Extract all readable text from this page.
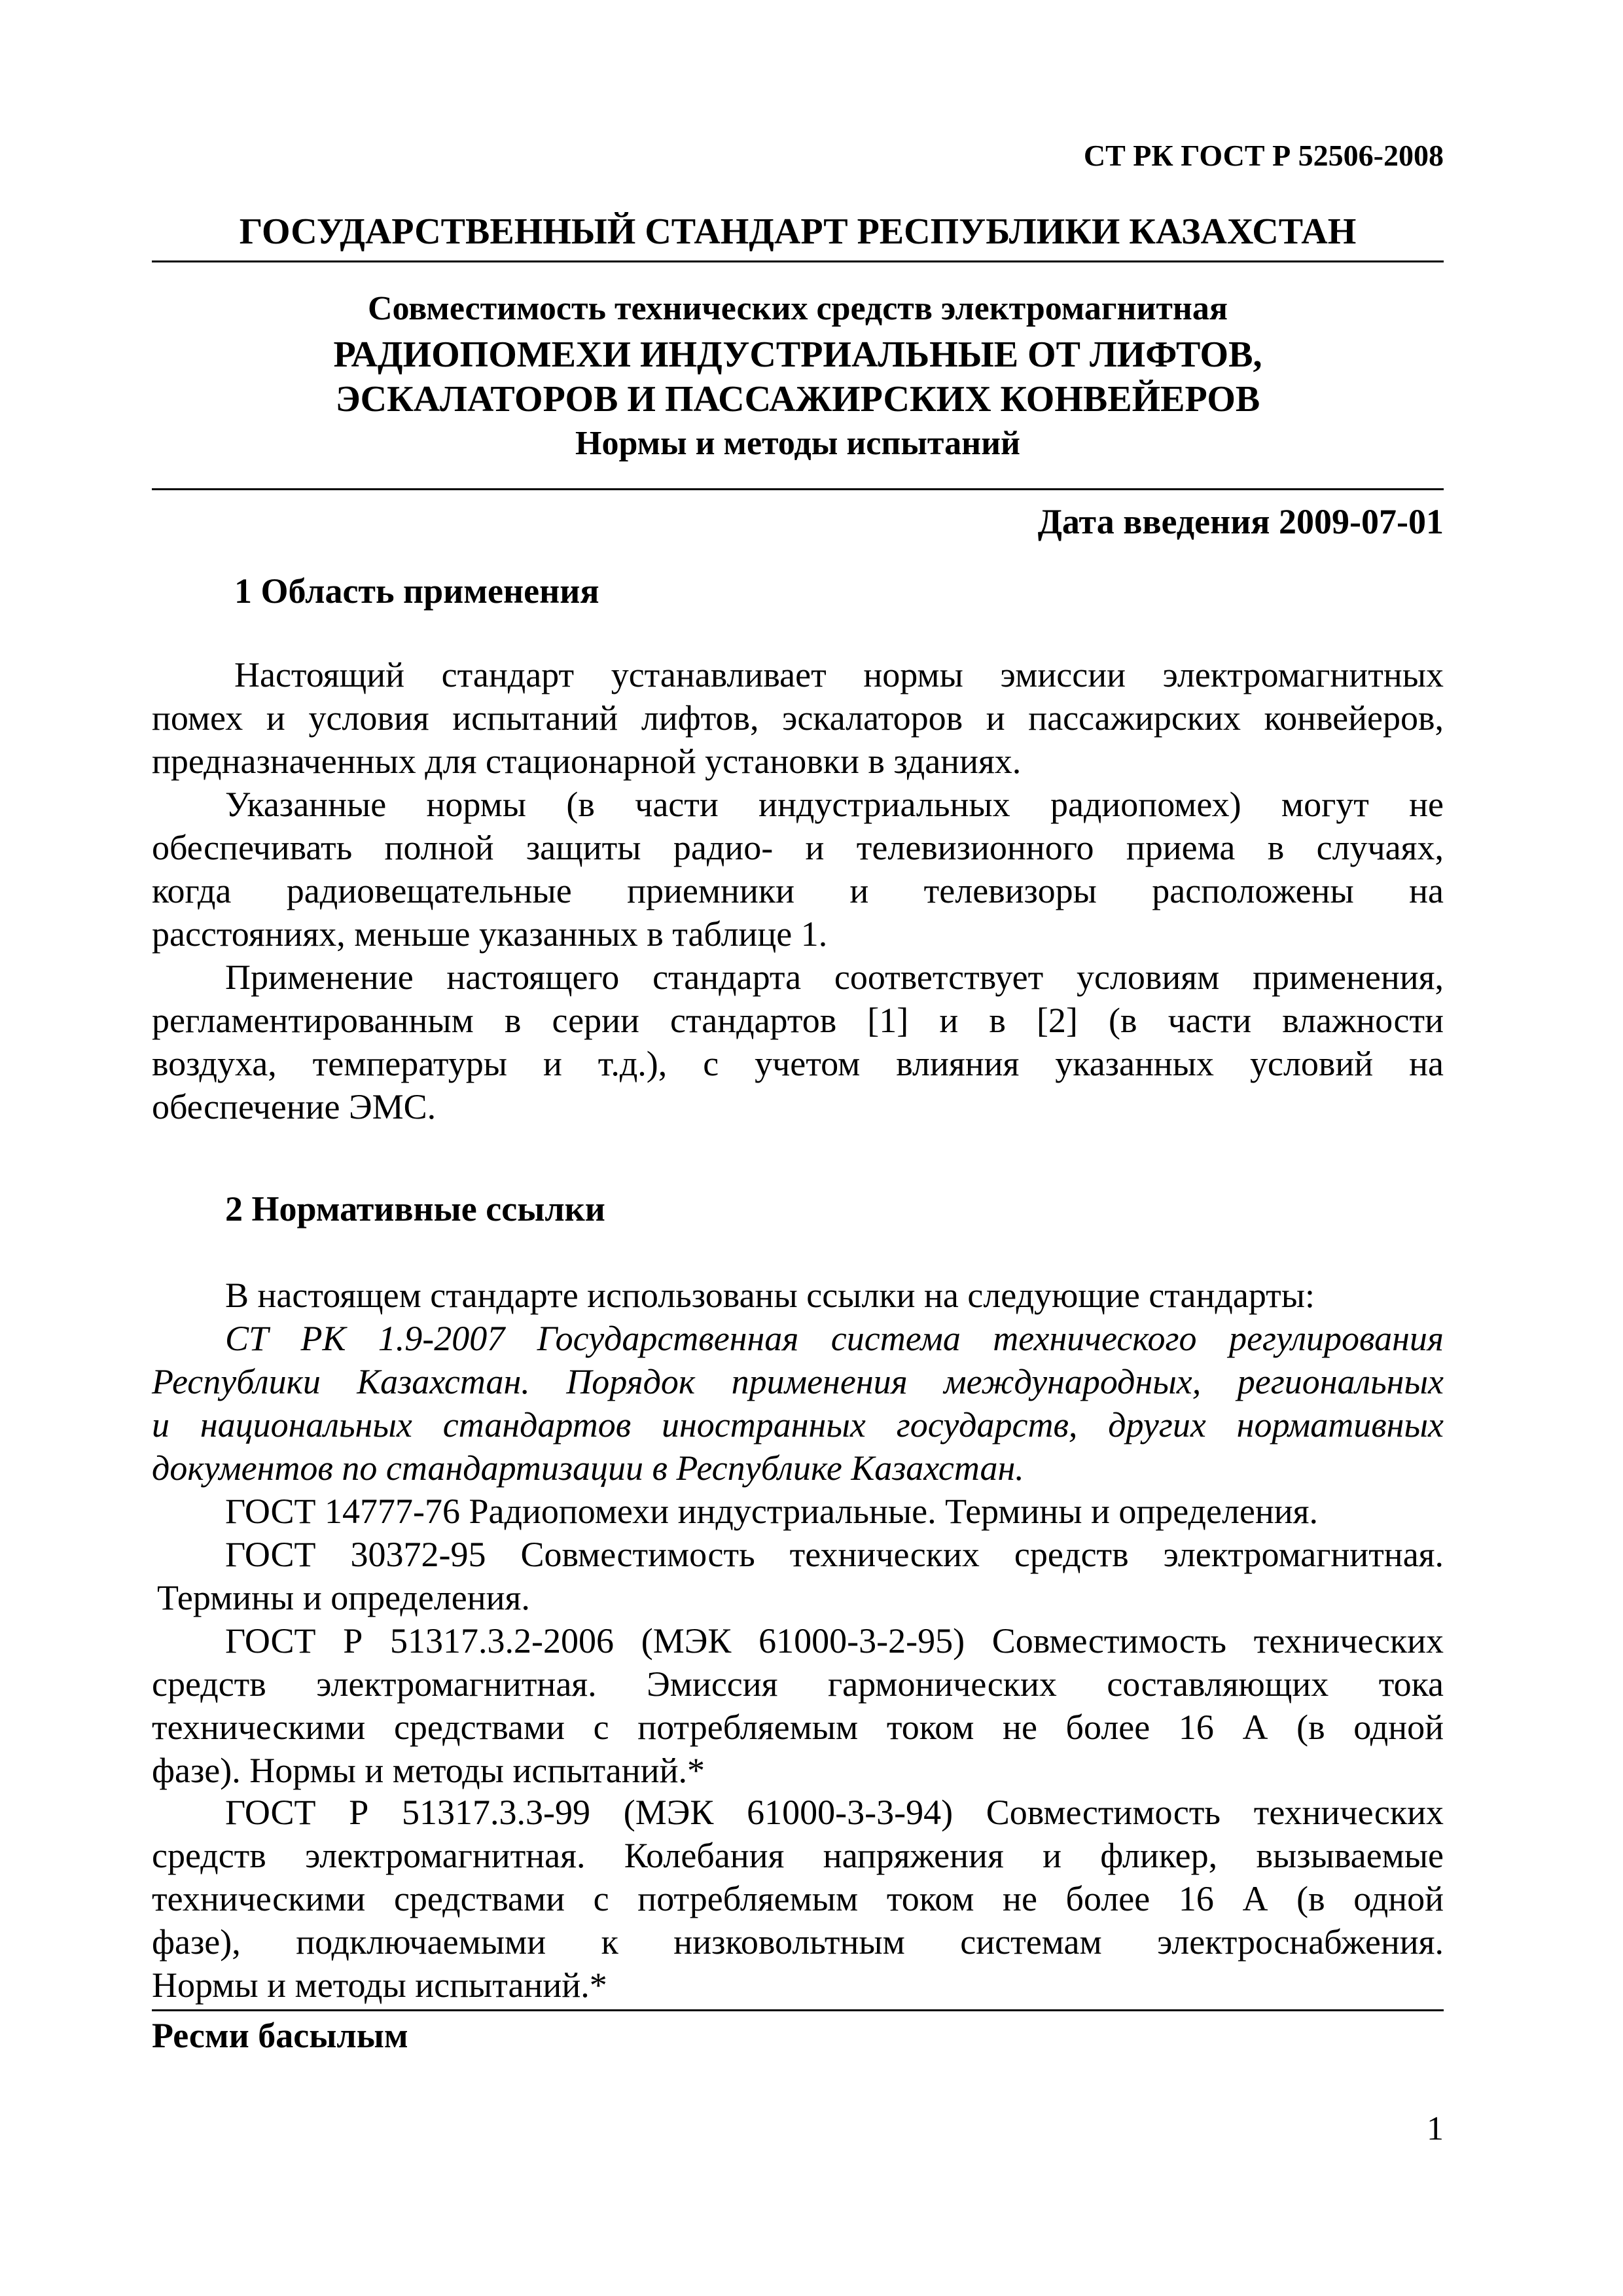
СТ РК ГОСТ Р 52506-2008
ГОСУДАРСТВЕННЫЙ СТАНДАРТ РЕСПУБЛИКИ КАЗАХСТАН
Совместимость технических средств электромагнитная
РАДИОПОМЕХИ ИНДУСТРИАЛЬНЫЕ ОТ ЛИФТОВ,
ЭСКАЛАТОРОВ И ПАССАЖИРСКИХ КОНВЕЙЕРОВ
Нормы и методы испытаний
Дата введения 2009-07-01
1 Область применения
Настоящий стандарт устанавливает нормы эмиссии электромагнитных
помех и условия испытаний лифтов, эскалаторов и пассажирских конвейеров,
предназначенных для стационарной установки в зданиях.
Указанные нормы (в части индустриальных радиопомех) могут не
обеспечивать полной защиты радио- и телевизионного приема в случаях,
когда радиовещательные приемники и телевизоры расположены на
расстояниях, меньше указанных в таблице 1.
Применение настоящего стандарта соответствует условиям применения,
регламентированным в серии стандартов [1] и в [2] (в части влажности
воздуха, температуры и т.д.), с учетом влияния указанных условий на
обеспечение ЭМС.
2 Нормативные ссылки
В настоящем стандарте использованы ссылки на следующие стандарты:
СТ РК 1.9-2007 Государственная система технического регулирования
Республики Казахстан. Порядок применения международных, региональных
и национальных стандартов иностранных государств, других нормативных
документов по стандартизации в Республике Казахстан.
ГОСТ 14777-76 Радиопомехи индустриальные. Термины и определения.
ГОСТ 30372-95 Совместимость технических средств электромагнитная.
Термины и определения.
ГОСТ Р 51317.3.2-2006 (МЭК 61000-3-2-95) Совместимость технических
средств электромагнитная. Эмиссия гармонических составляющих тока
техническими средствами с потребляемым током не более 16 А (в одной
фазе). Нормы и методы испытаний.*
ГОСТ Р 51317.3.3-99 (МЭК 61000-3-3-94) Совместимость технических
средств электромагнитная. Колебания напряжения и фликер, вызываемые
техническими средствами с потребляемым током не более 16 А (в одной
фазе), подключаемыми к низковольтным системам электроснабжения.
Нормы и методы испытаний.*
Ресми басылым
1
